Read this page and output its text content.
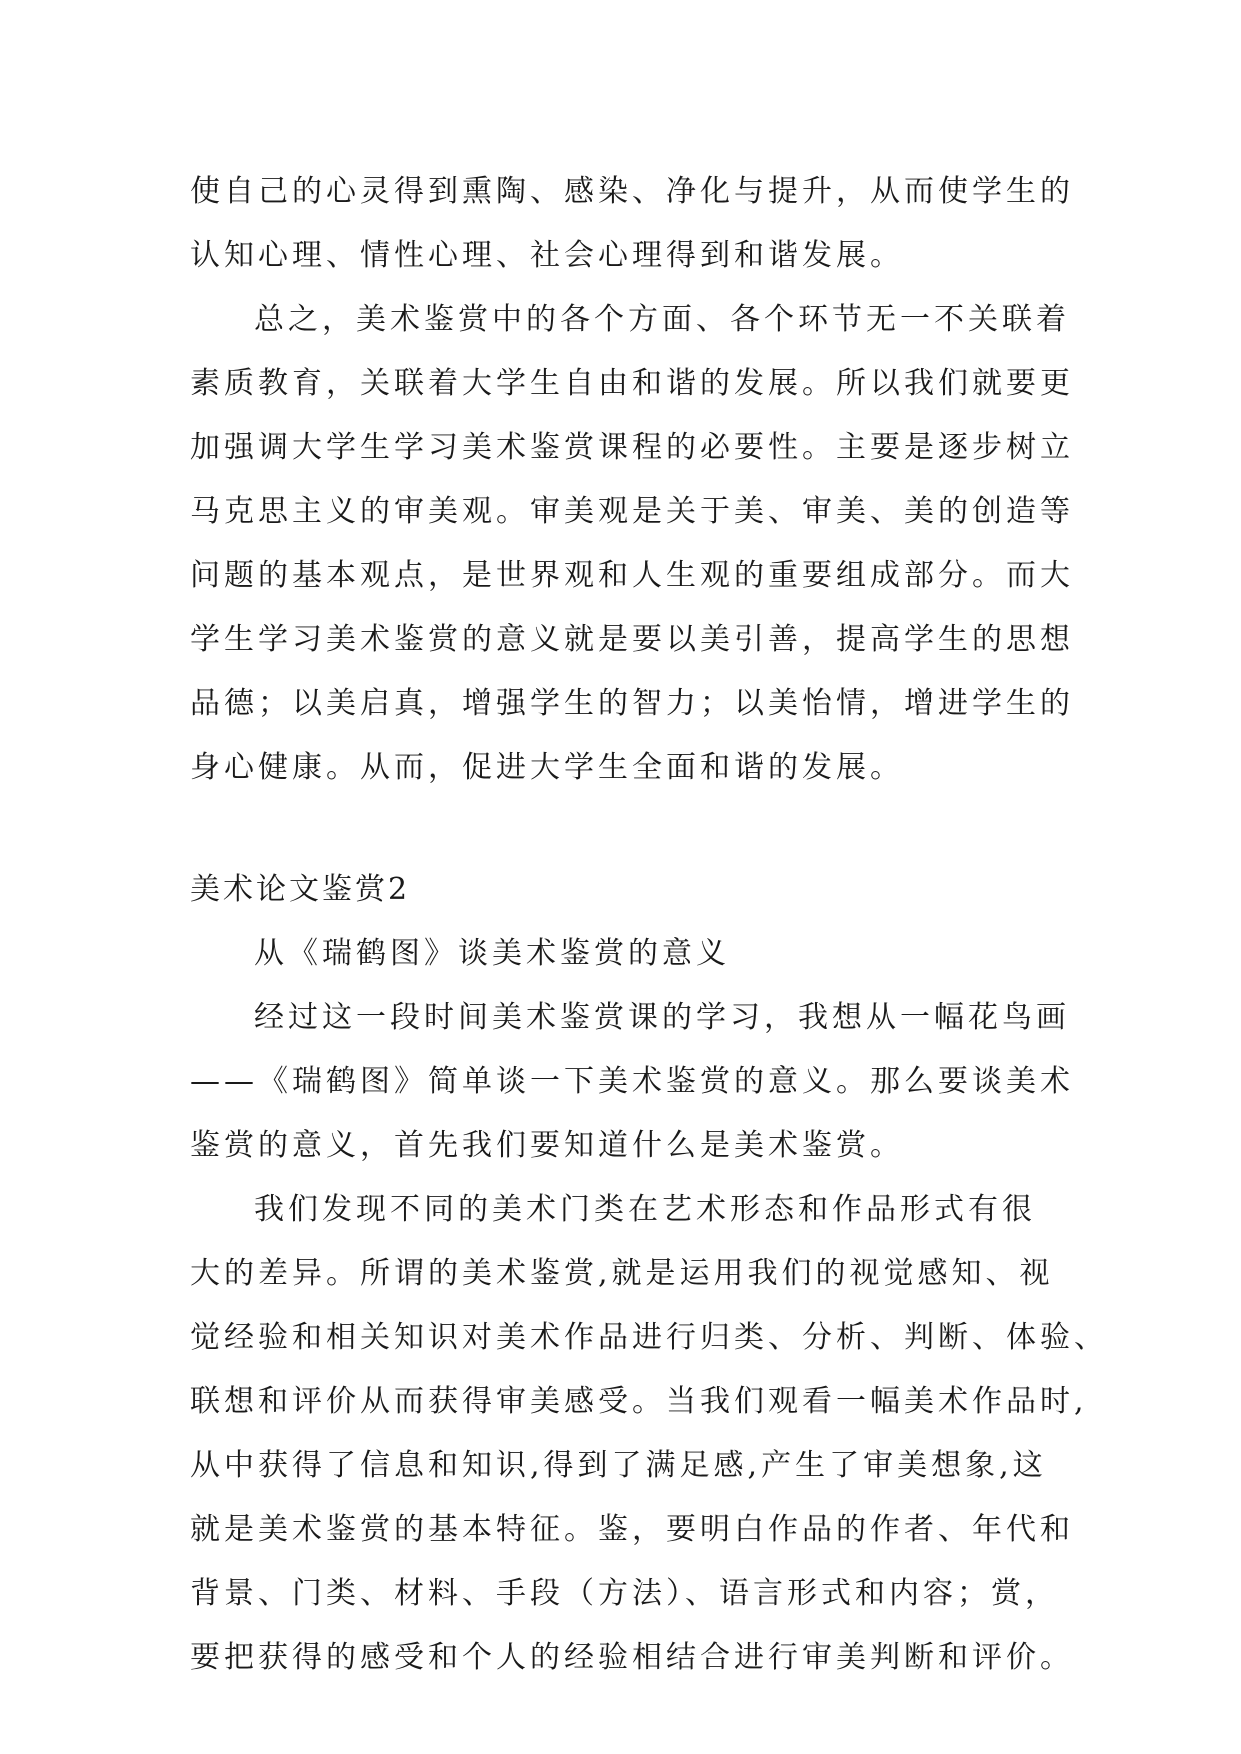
使自己的心灵得到熏陶、感染、净化与提升，从而使学生的
认知心理、情性心理、社会心理得到和谐发展。
总之，美术鉴赏中的各个方面、各个环节无一不关联着
素质教育，关联着大学生自由和谐的发展。所以我们就要更
加强调大学生学习美术鉴赏课程的必要性。主要是逐步树立
马克思主义的审美观。审美观是关于美、审美、美的创造等
问题的基本观点，是世界观和人生观的重要组成部分。而大
学生学习美术鉴赏的意义就是要以美引善，提高学生的思想
品德；以美启真，增强学生的智力；以美怡情，增进学生的
身心健康。从而，促进大学生全面和谐的发展。
美术论文鉴赏2
从《瑞鹤图》谈美术鉴赏的意义
经过这一段时间美术鉴赏课的学习，我想从一幅花鸟画
——《瑞鹤图》简单谈一下美术鉴赏的意义。那么要谈美术
鉴赏的意义，首先我们要知道什么是美术鉴赏。
我们发现不同的美术门类在艺术形态和作品形式有很
大的差异。所谓的美术鉴赏,就是运用我们的视觉感知、视
觉经验和相关知识对美术作品进行归类、分析、判断、体验、
联想和评价从而获得审美感受。当我们观看一幅美术作品时,
从中获得了信息和知识,得到了满足感,产生了审美想象,这
就是美术鉴赏的基本特征。鉴，要明白作品的作者、年代和
背景、门类、材料、手段（方法）、语言形式和内容；赏，
要把获得的感受和个人的经验相结合进行审美判断和评价。
